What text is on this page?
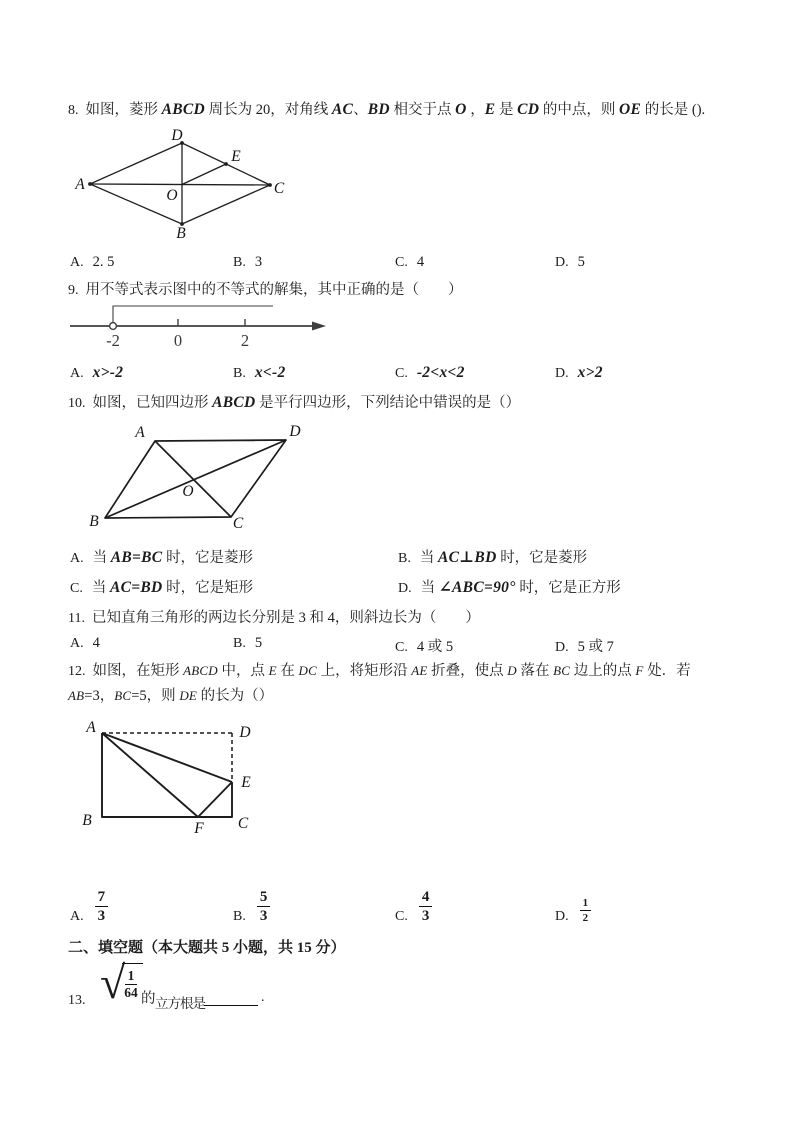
8. 如图，菱形 ABCD 周长为 20，对角线 AC、BD 相交于点 O ，E 是 CD 的中点，则 OE 的长是 ().
D
A
E
C
O
B
A. 2. 5	B. 3	C. 4	D. 5
9. 用不等式表示图中的不等式的解集，其中正确的是（　　）
-2	0	2
A. x>-2	B. x<-2	C. -2<x<2	D. x>2
10. 如图，已知四边形 ABCD 是平行四边形，下列结论中错误的是（）
A	D
B	C
O
A. 当 AB=BC 时，它是菱形	B. 当 AC⊥BD 时，它是菱形
C. 当 AC=BD 时，它是矩形	D. 当 ∠ABC=90° 时，它是正方形
11. 已知直角三角形的两边长分别是 3 和 4，则斜边长为（　　）
A. 4	B. 5	C. 4 或 5	D. 5 或 7
12. 如图，在矩形 ABCD 中，点 E 在 DC 上，将矩形沿 AE 折叠，使点 D 落在 BC 边上的点 F 处．若
AB=3，BC=5，则 DE 的长为（）
A	D
B	C
E
F
A. $\frac{7}{3}$	B. $\frac{5}{3}$	C. $\frac{4}{3}$	D. $\frac{1}{2}$
二、填空题（本大题共 5 小题，共 15 分）
13. √ $\frac{1}{64}$ 的 立方根是	.
